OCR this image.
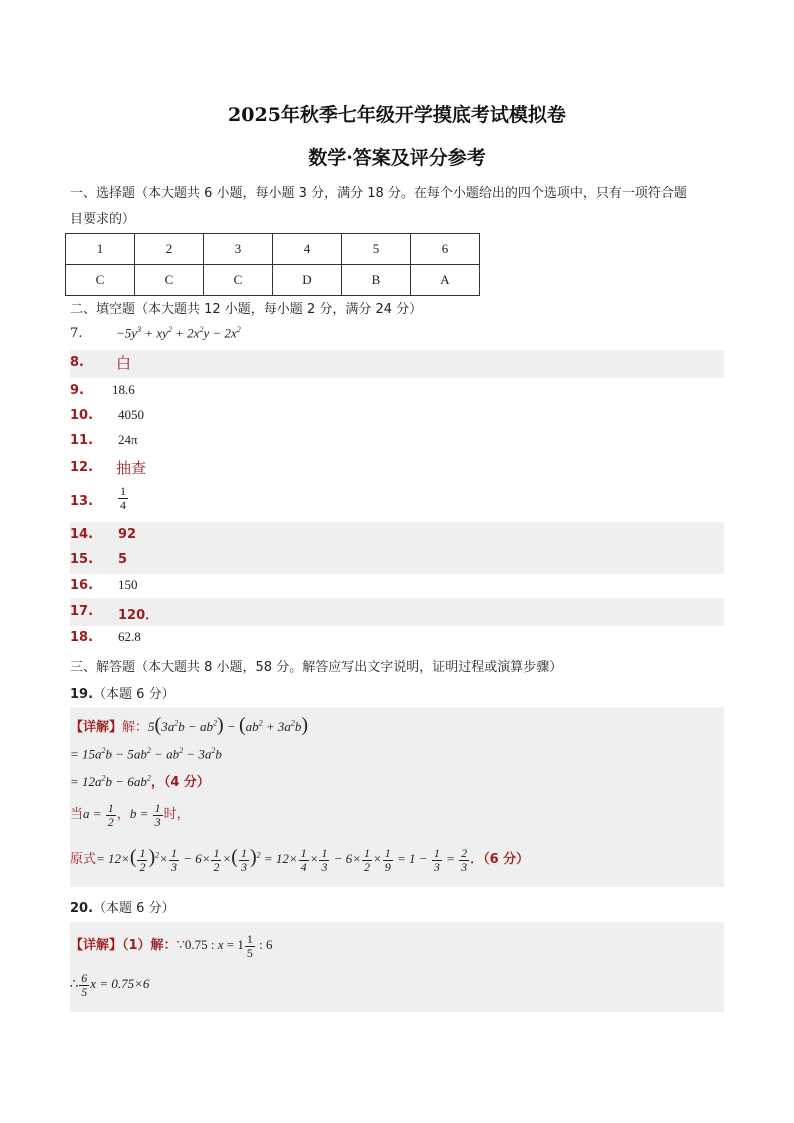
2025年秋季七年级开学摸底考试模拟卷
数学·答案及评分参考
一、选择题（本大题共 6 小题，每小题 3 分，满分 18 分。在每个小题给出的四个选项中，只有一项符合题
目要求的）
1	2	3	4	5	6
C	C	C	D	B	A
二、填空题（本大题共 12 小题，每小题 2 分，满分 24 分）
7.	$-5y^3 + xy^2 + 2x^2y - 2x^2$
8. 白
9. 18.6
10. 4050
11. 24π
12. 抽查
13. $\frac{1}{4}$
14. 92
15. 5
16. 150
17. 120．
18. 62.8
三、解答题（本大题共 8 小题，58 分。解答应写出文字说明，证明过程或演算步骤）
19.（本题 6 分）
【详解】解：$5(3a^2b - ab^2) - (ab^2 + 3a^2b)$
= $15a^2b - 5ab^2 - ab^2 - 3a^2b$
= $12a^2b - 6ab^2$，（4 分）
当$a = \frac{1}{2}$ ，$b = \frac{1}{3}$ 时，
原式= $12\times( \frac{1}{2} )^2\times \frac{1}{3} - 6\times \frac{1}{2}$ ×( $\frac{1}{3} )^2 = 12\times \frac{1}{4} \times \frac{1}{3} - 6\times \frac{1}{2} \times \frac{1}{9} = 1 - \frac{1}{3} = \frac{2}{3}$ ．（6 分）
20.（本题 6 分）
【详解】（1）解：∵0.75 : $x = 1 \frac{1}{5}$ : 6
∴ $\frac{6}{5}$ x = 0.75×6
